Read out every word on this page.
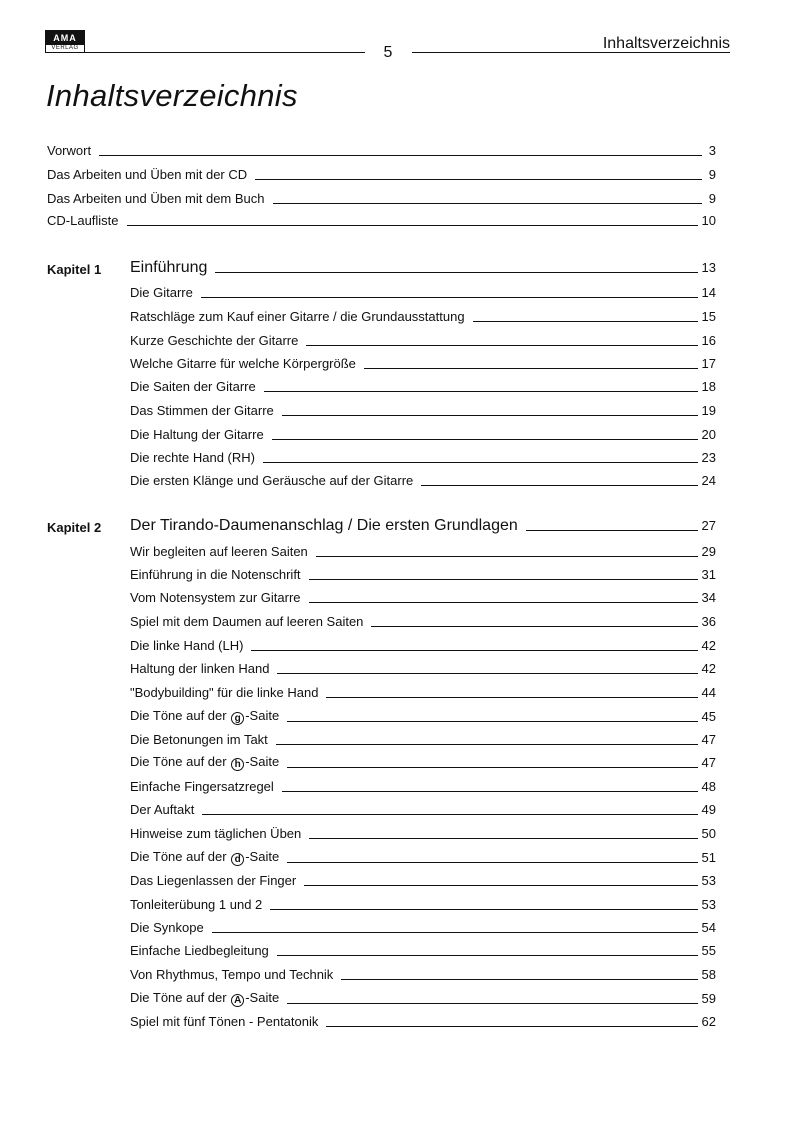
AMA
VERLAG	5
Inhaltsverzeichnis
Inhaltsverzeichnis
Vorwort	3
Das Arbeiten und Üben mit der CD	9
Das Arbeiten und Üben mit dem Buch	9
CD-Laufliste	10
Kapitel 1 Einführung	13
Die Gitarre	14
Ratschläge zum Kauf einer Gitarre / die Grundausstattung	15
Kurze Geschichte der Gitarre	16
Welche Gitarre für welche Körpergröße	17
Die Saiten der Gitarre	18
Das Stimmen der Gitarre	19
Die Haltung der Gitarre	20
Die rechte Hand (RH)	23
Die ersten Klänge und Geräusche auf der Gitarre	24
Kapitel 2 Der Tirando-Daumenanschlag / Die ersten Grundlagen	27
Wir begleiten auf leeren Saiten	29
Einführung in die Notenschrift	31
Vom Notensystem zur Gitarre	34
Spiel mit dem Daumen auf leeren Saiten	36
Die linke Hand (LH)	42
Haltung der linken Hand	42
"Bodybuilding" für die linke Hand	44
Die Töne auf der g -Saite	45
Die Betonungen im Takt	47
Die Töne auf der h -Saite	47
Einfache Fingersatzregel	48
Der Auftakt	49
Hinweise zum täglichen Üben	50
Die Töne auf der d -Saite	51
Das Liegenlassen der Finger	53
Tonleiterübung 1 und 2	53
Die Synkope	54
Einfache Liedbegleitung	55
Von Rhythmus, Tempo und Technik	58
Die Töne auf der A -Saite	59
Spiel mit fünf Tönen - Pentatonik	62
